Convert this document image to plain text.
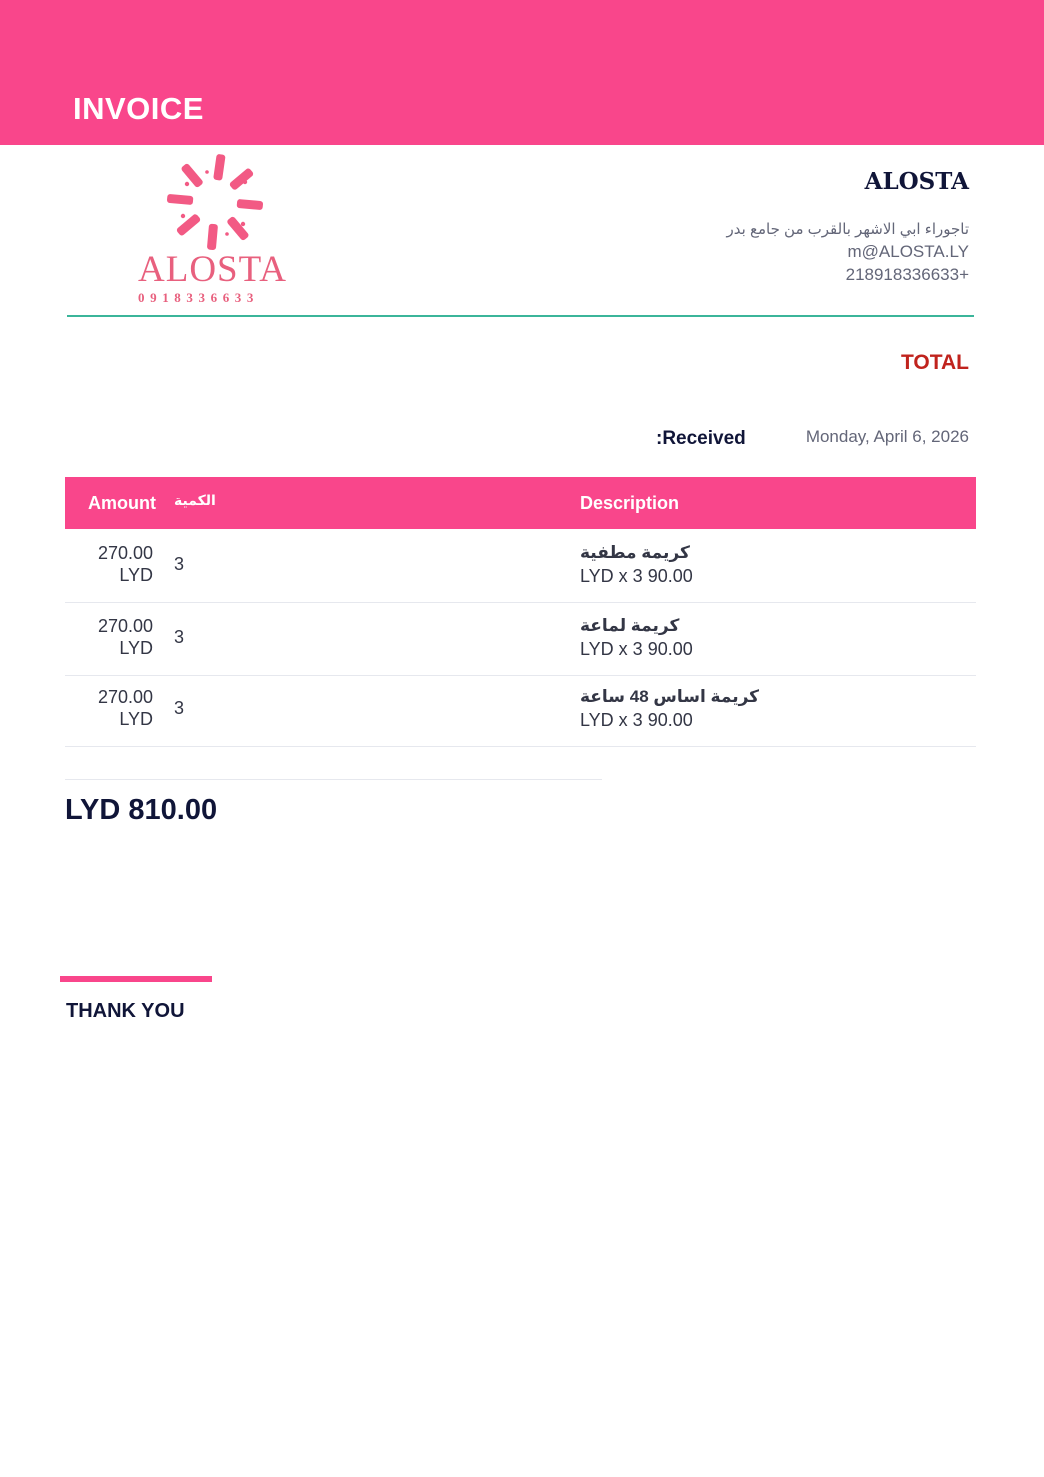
INVOICE
ALOSTA
0918336633
ALOSTA
تاجوراء ابي الاشهر بالقرب من جامع بدر
m@ALOSTA.LY
218918336633+
TOTAL
:Received	Monday, April 6, 2026
Amount الكمية	Description
270.00
LYD
3
كريمة مطفية
LYD x 3 90.00
270.00
LYD
3
كريمة لماعة
LYD x 3 90.00
270.00
LYD
3
كريمة اساس 48 ساعة
LYD x 3 90.00
LYD 810.00
THANK YOU
